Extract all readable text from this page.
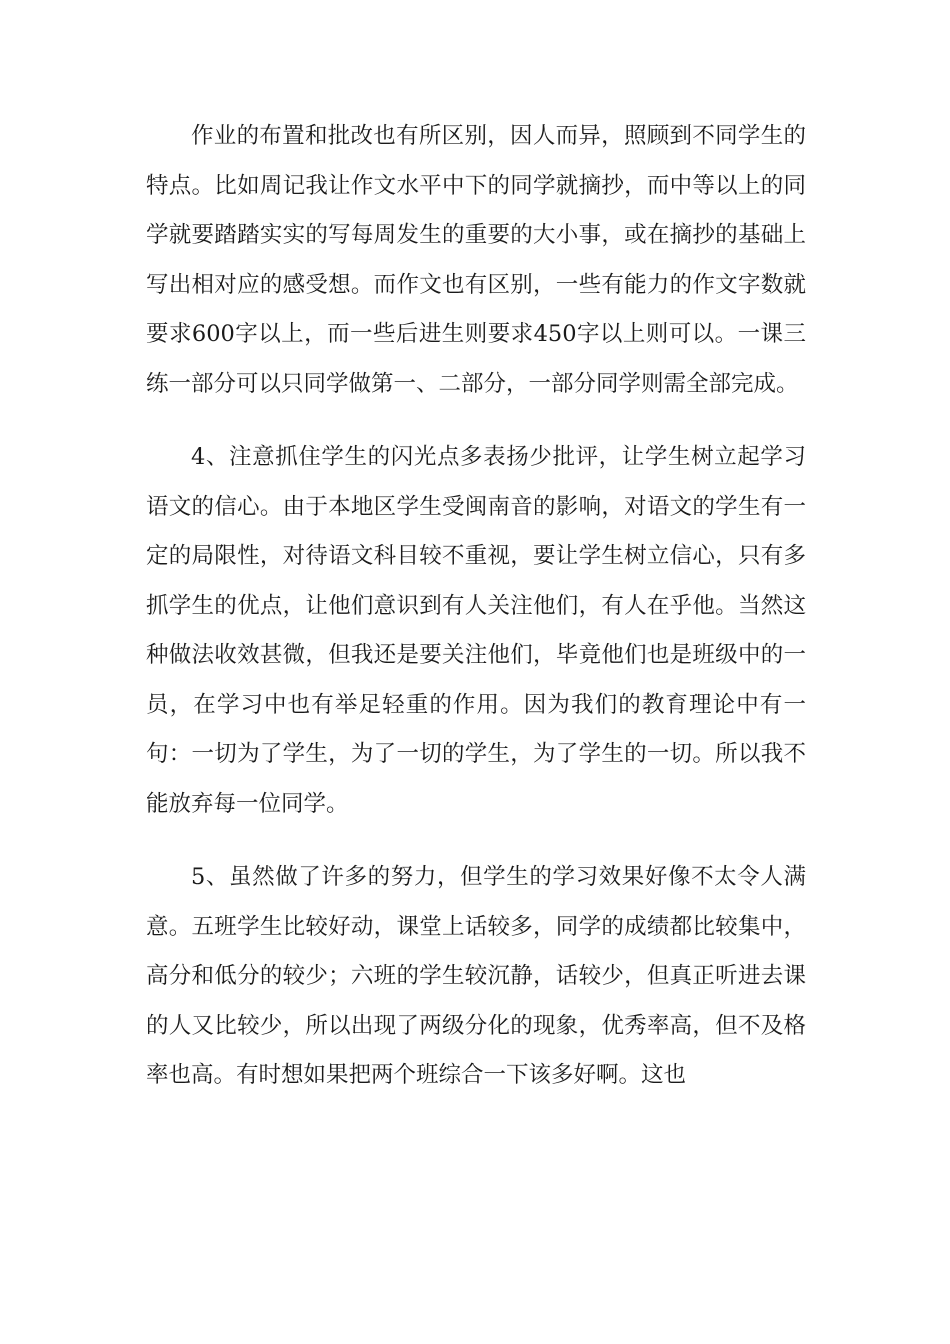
作业的布置和批改也有所区别，因人而异，照顾到不同学生的特点。比如周记我让作文水平中下的同学就摘抄，而中等以上的同学就要踏踏实实的写每周发生的重要的大小事，或在摘抄的基础上写出相对应的感受想。而作文也有区别，一些有能力的作文字数就要求600字以上，而一些后进生则要求450字以上则可以。一课三练一部分可以只同学做第一、二部分，一部分同学则需全部完成。

4、注意抓住学生的闪光点多表扬少批评，让学生树立起学习语文的信心。由于本地区学生受闽南音的影响，对语文的学生有一定的局限性，对待语文科目较不重视，要让学生树立信心，只有多抓学生的优点，让他们意识到有人关注他们，有人在乎他。当然这种做法收效甚微，但我还是要关注他们，毕竟他们也是班级中的一员，在学习中也有举足轻重的作用。因为我们的教育理论中有一句：一切为了学生，为了一切的学生，为了学生的一切。所以我不能放弃每一位同学。

5、虽然做了许多的努力，但学生的学习效果好像不太令人满意。五班学生比较好动，课堂上话较多，同学的成绩都比较集中，高分和低分的较少；六班的学生较沉静，话较少，但真正听进去课的人又比较少，所以出现了两级分化的现象，优秀率高，但不及格率也高。有时想如果把两个班综合一下该多好啊。这也
